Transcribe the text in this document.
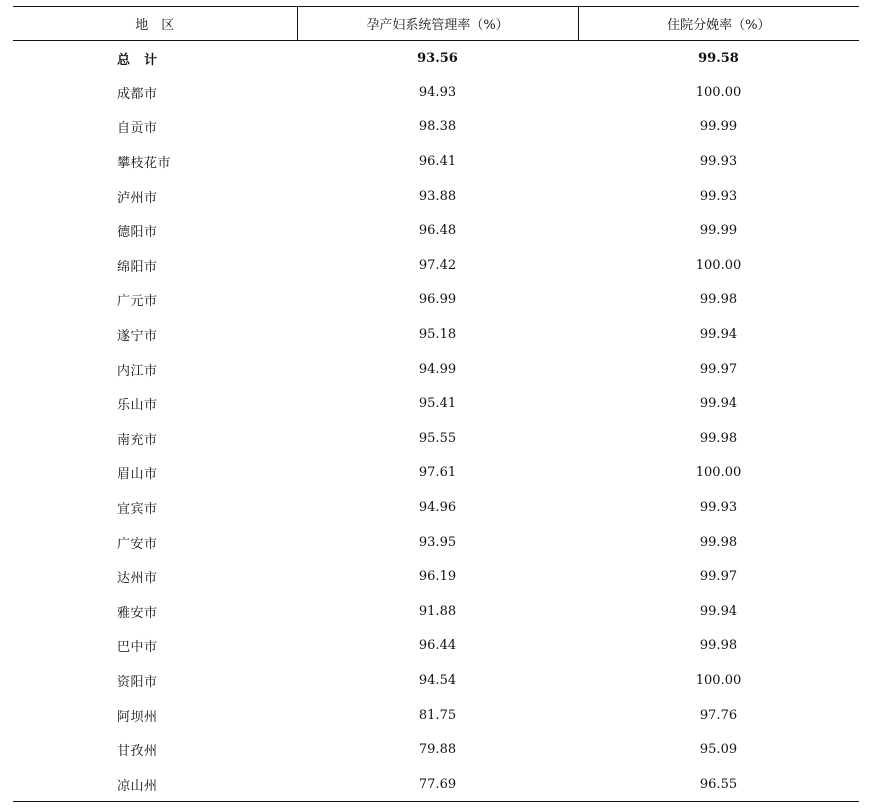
地　区	孕产妇系统管理率（%）	住院分娩率（%）
总　计	93.56	99.58
成都市	94.93	100.00
自贡市	98.38	99.99
攀枝花市	96.41	99.93
泸州市	93.88	99.93
德阳市	96.48	99.99
绵阳市	97.42	100.00
广元市	96.99	99.98
遂宁市	95.18	99.94
内江市	94.99	99.97
乐山市	95.41	99.94
南充市	95.55	99.98
眉山市	97.61	100.00
宜宾市	94.96	99.93
广安市	93.95	99.98
达州市	96.19	99.97
雅安市	91.88	99.94
巴中市	96.44	99.98
资阳市	94.54	100.00
阿坝州	81.75	97.76
甘孜州	79.88	95.09
凉山州	77.69	96.55
